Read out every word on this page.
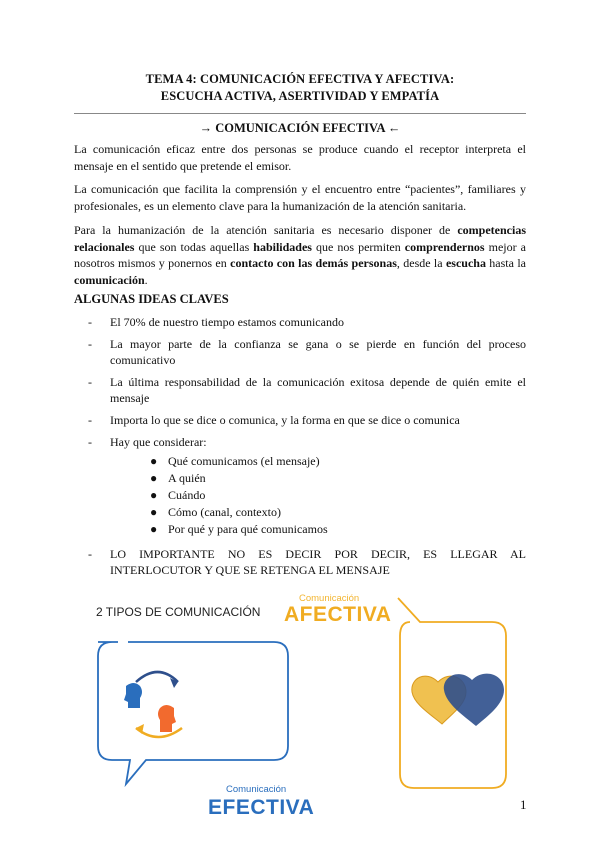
TEMA 4: COMUNICACIÓN EFECTIVA Y AFECTIVA:
ESCUCHA ACTIVA, ASERTIVIDAD Y EMPATÍA
→ COMUNICACIÓN EFECTIVA ←
La comunicación eficaz entre dos personas se produce cuando el receptor interpreta el mensaje en el sentido que pretende el emisor.
La comunicación que facilita la comprensión y el encuentro entre “pacientes”, familiares y profesionales, es un elemento clave para la humanización de la atención sanitaria.
Para la humanización de la atención sanitaria es necesario disponer de competencias relacionales que son todas aquellas habilidades que nos permiten comprendernos mejor a nosotros mismos y ponernos en contacto con las demás personas, desde la escucha hasta la comunicación.
ALGUNAS IDEAS CLAVES
- El 70% de nuestro tiempo estamos comunicando
- La mayor parte de la confianza se gana o se pierde en función del proceso comunicativo
- La última responsabilidad de la comunicación exitosa depende de quién emite el mensaje
- Importa lo que se dice o comunica, y la forma en que se dice o comunica
- Hay que considerar:
● Qué comunicamos (el mensaje)
● A quién
● Cuándo
● Cómo (canal, contexto)
● Por qué y para qué comunicamos
- LO IMPORTANTE NO ES DECIR POR DECIR, ES LLEGAR AL INTERLOCUTOR Y QUE SE RETENGA EL MENSAJE
2 TIPOS DE COMUNICACIÓN
Comunicación
AFECTIVA
Comunicación
EFECTIVA	1
